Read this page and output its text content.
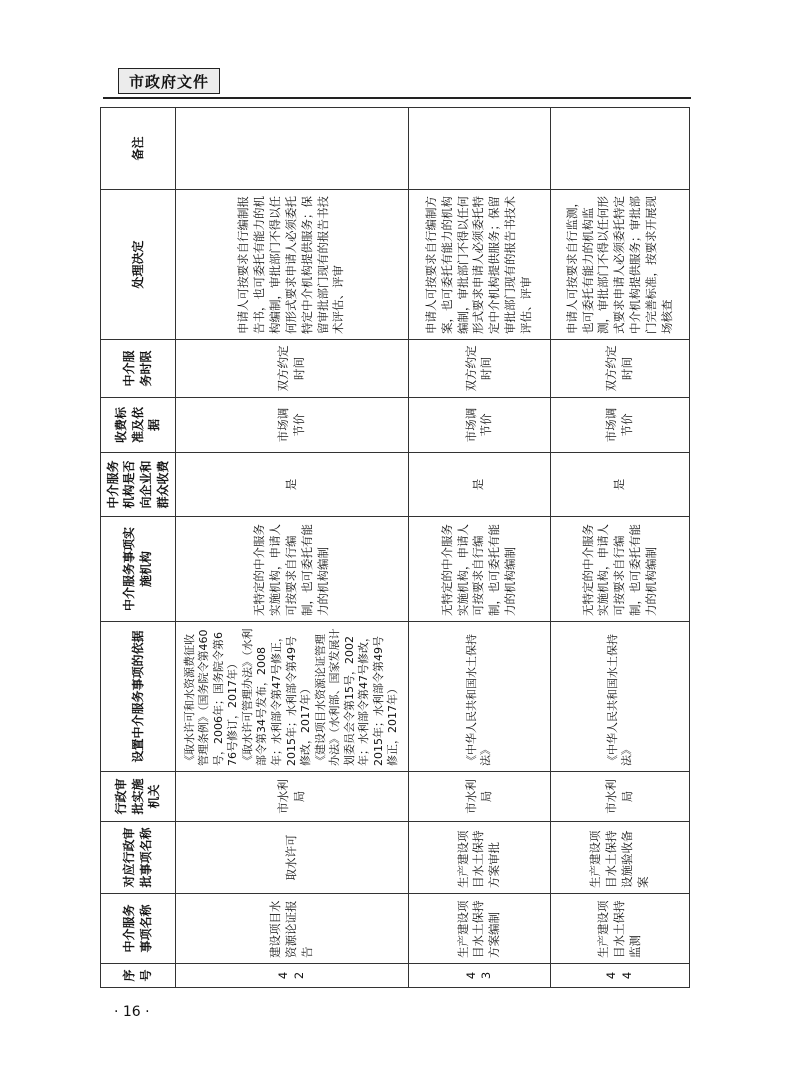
市政府文件
序号	中介服务事项名称	对应行政审批事项名称	行政审批实施机关	设置中介服务事项的依据	中介服务事项实施机构	中介服务机构是否向企业和群众收费	收费标准及依据	中介服务时限	处理决定	备注
42	建设项目水资源论证报告	取水许可	市水利局	《取水许可和水资源费征收管理条例》（国务院令第460号，2006年；国务院令第676号修订，2017年） 《取水许可管理办法》（水利部令第34号发布，2008年；水利部令第47号修正，2015年；水利部令第49号修改，2017年） 《建设项目水资源论证管理办法》（水利部、国家发展计划委员会令第15号，2002年；水利部令第47号修改，2015年；水利部令第49号修正，2017年）	无特定的中介服务实施机构，申请人可按要求自行编制，也可委托有能力的机构编制	是	市场调节价	双方约定时间	申请人可按要求自行编制报告书，也可委托有能力的机构编制，审批部门不得以任何形式要求申请人必须委托特定中介机构提供服务；保留审批部门现有的报告书技术评估、评审	
43	生产建设项目水土保持方案编制	生产建设项目水土保持方案审批	市水利局	《中华人民共和国水土保持法》	无特定的中介服务实施机构，申请人可按要求自行编制，也可委托有能力的机构编制	是	市场调节价	双方约定时间	申请人可按要求自行编制方案，也可委托有能力的机构编制，审批部门不得以任何形式要求申请人必须委托特定中介机构提供服务；保留审批部门现有的报告书技术评估、评审	
44	生产建设项目水土保持监测	生产建设项目水土保持设施验收备案	市水利局	《中华人民共和国水土保持法》	无特定的中介服务实施机构，申请人可按要求自行编制，也可委托有能力的机构编制	是	市场调节价	双方约定时间	申请人可按要求自行监测，也可委托有能力的机构监测，审批部门不得以任何形式要求申请人必须委托特定中介机构提供服务；审批部门完善标准，按要求开展现场核查	
· 16 ·
